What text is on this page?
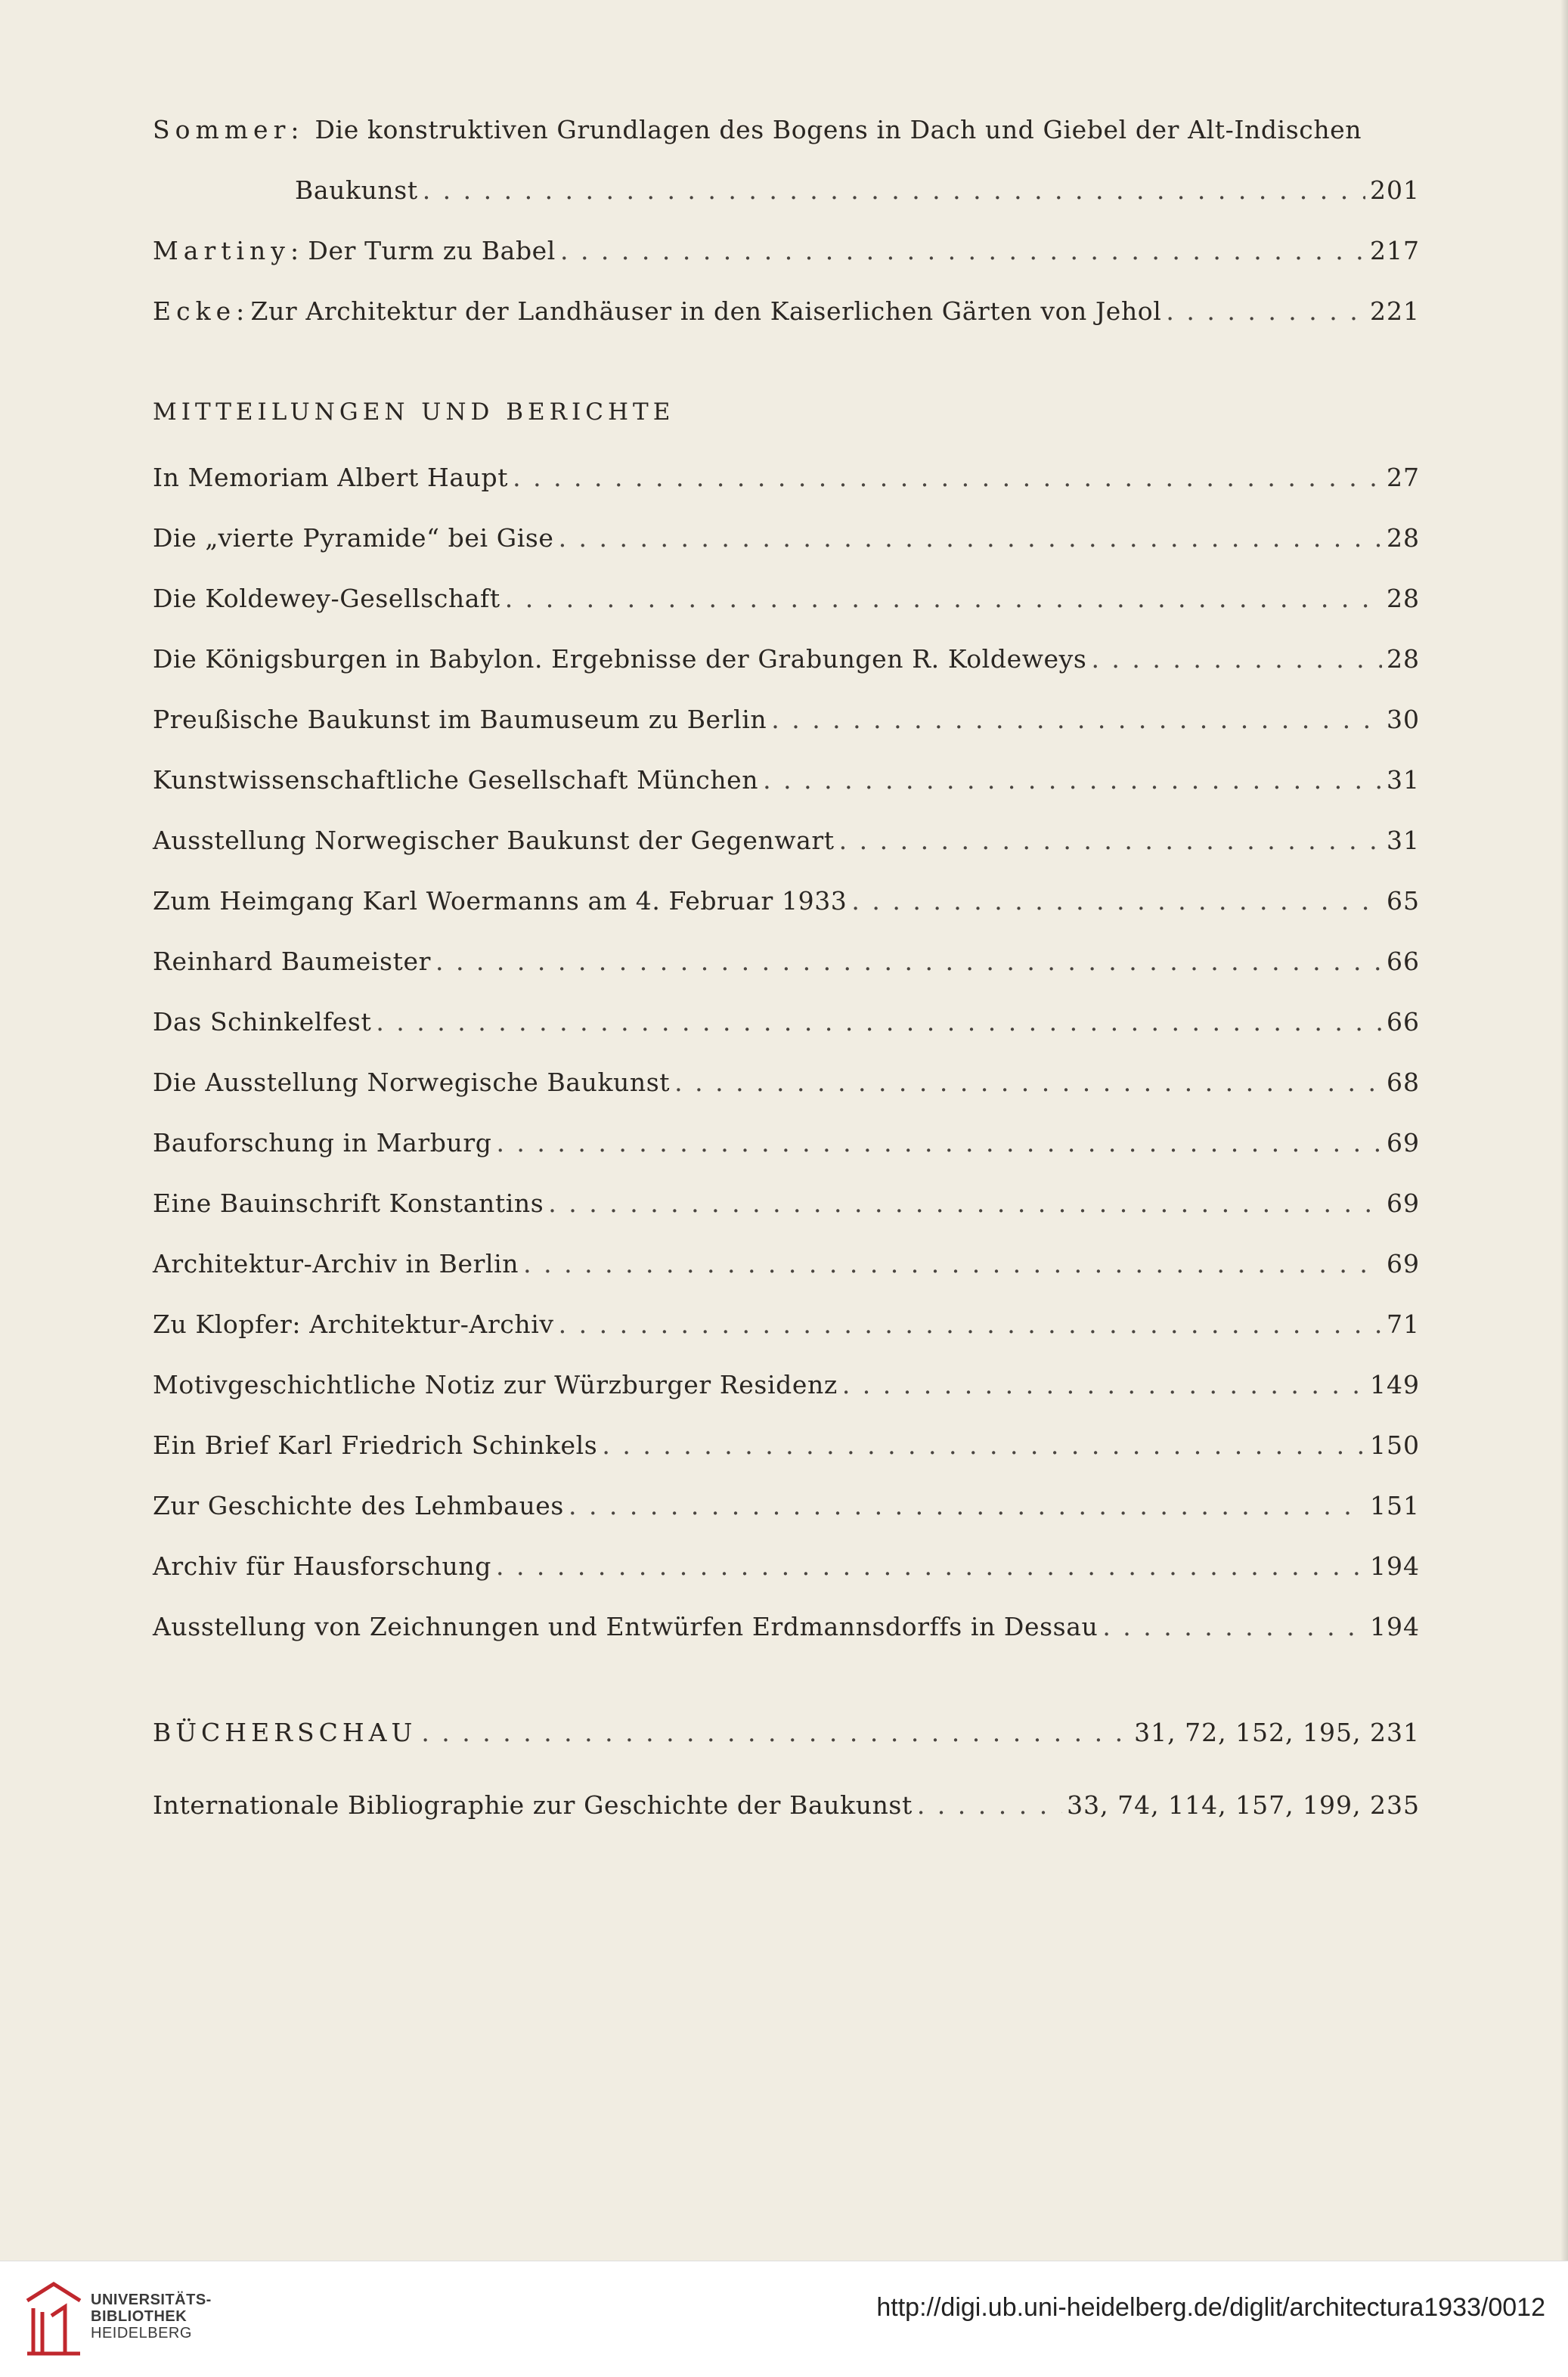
Sommer: Die konstruktiven Grundlagen des Bogens in Dach und Giebel der Alt-Indischen
Baukunst . . .	201
Martiny: Der Turm zu Babel . . .	217
Ecke: Zur Architektur der Landhäuser in den Kaiserlichen Gärten von Jehol . . .	221
MITTEILUNGEN UND BERICHTE
In Memoriam Albert Haupt . . .	27
Die „vierte Pyramide“ bei Gise . . .	28
Die Koldewey-Gesellschaft . . .	28
Die Königsburgen in Babylon. Ergebnisse der Grabungen R. Koldeweys . . .	28
Preußische Baukunst im Baumuseum zu Berlin . . .	30
Kunstwissenschaftliche Gesellschaft München . . .	31
Ausstellung Norwegischer Baukunst der Gegenwart . . .	31
Zum Heimgang Karl Woermanns am 4. Februar 1933 . . .	65
Reinhard Baumeister . . .	66
Das Schinkelfest . . .	66
Die Ausstellung Norwegische Baukunst . . .	68
Bauforschung in Marburg . . .	69
Eine Bauinschrift Konstantins . . .	69
Architektur-Archiv in Berlin . . .	69
Zu Klopfer: Architektur-Archiv . . .	71
Motivgeschichtliche Notiz zur Würzburger Residenz . . .	149
Ein Brief Karl Friedrich Schinkels . . .	150
Zur Geschichte des Lehmbaues . . .	151
Archiv für Hausforschung . . .	194
Ausstellung von Zeichnungen und Entwürfen Erdmannsdorffs in Dessau . . .	194
BÜCHERSCHAU . . .	31, 72, 152, 195, 231
Internationale Bibliographie zur Geschichte der Baukunst . . .	33, 74, 114, 157, 199, 235
UNIVERSITÄTS-
BIBLIOTHEK
HEIDELBERG
http://digi.ub.uni-heidelberg.de/diglit/architectura1933/0012
